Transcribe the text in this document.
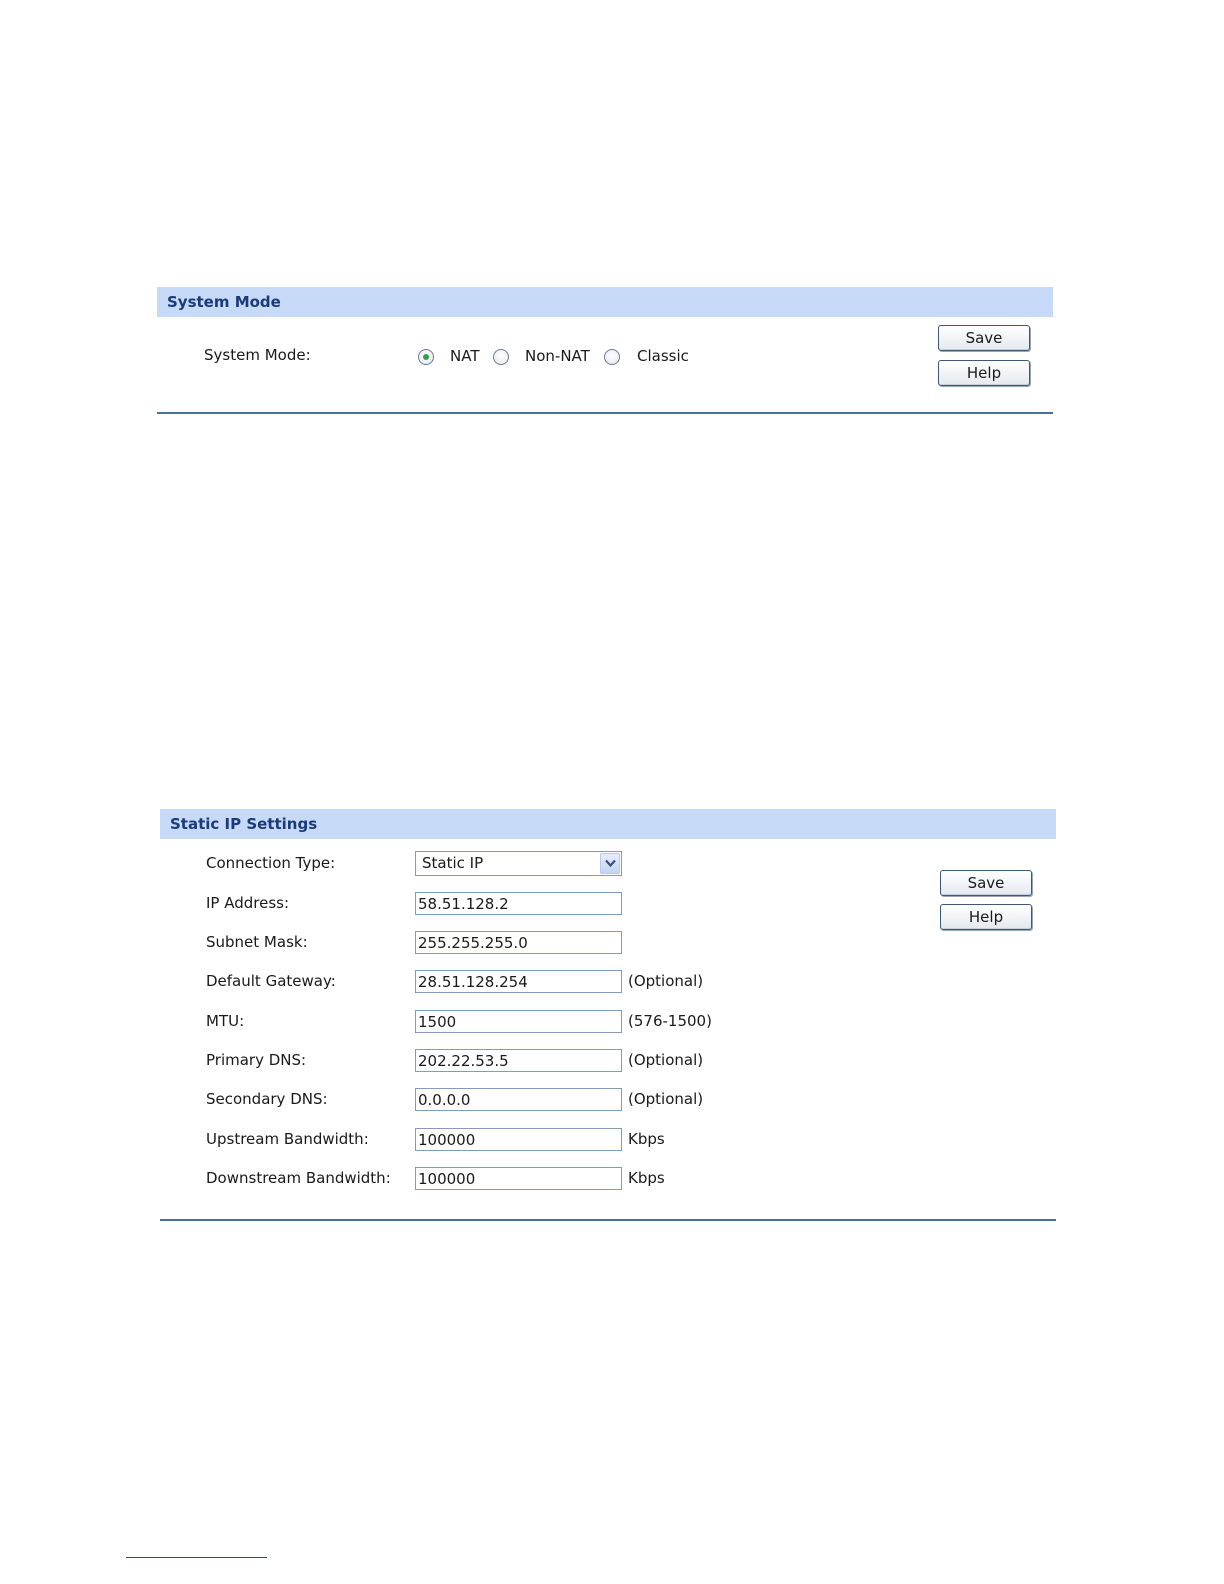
System Mode
System Mode:	NAT	Non-NAT	Classic
Save
Help
Static IP Settings
Connection Type:	Static IP
IP Address:
58.51.128.2
Subnet Mask:
255.255.255.0
Default Gateway:
28.51.128.254	(Optional)
MTU:
1500	(576-1500)
Primary DNS:
202.22.53.5	(Optional)
Secondary DNS:
0.0.0.0	(Optional)
Upstream Bandwidth:
100000	Kbps
Downstream Bandwidth:
100000	Kbps
Save
Help
